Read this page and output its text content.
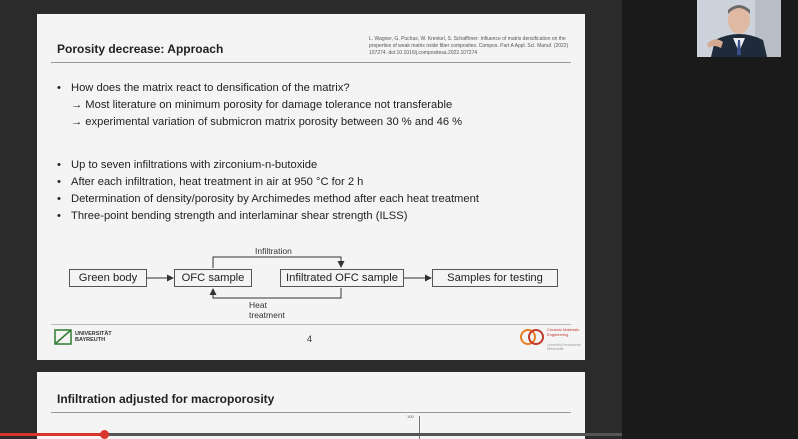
Porosity decrease: Approach
L. Wagner, G. Puchas, W. Krenkel, S. Schafföner: Influence of matrix densification on the properties of weak matrix oxide fiber composites. Compos. Part A Appl. Sci. Manuf. (2022) 107274. doi:10.1016/j.compositesa.2022.107274
• How does the matrix react to densification of the matrix?
→ Most literature on minimum porosity for damage tolerance not transferable
→ experimental variation of submicron matrix porosity between 30 % and 46 %
• Up to seven infiltrations with zirconium-n-butoxide
• After each infiltration, heat treatment in air at 950 °C for 2 h
• Determination of density/porosity by Archimedes method after each heat treatment
• Three-point bending strength and interlaminar shear strength (ILSS)
Green body	OFC sample	Infiltrated OFC sample	Samples for testing
Infiltration
Heat treatment
UNIVERSITÄT BAYREUTH	4
Ceramic Materials Engineering
Lehrstuhl Keramische Werkstoffe
Infiltration adjusted for macroporosity
100
